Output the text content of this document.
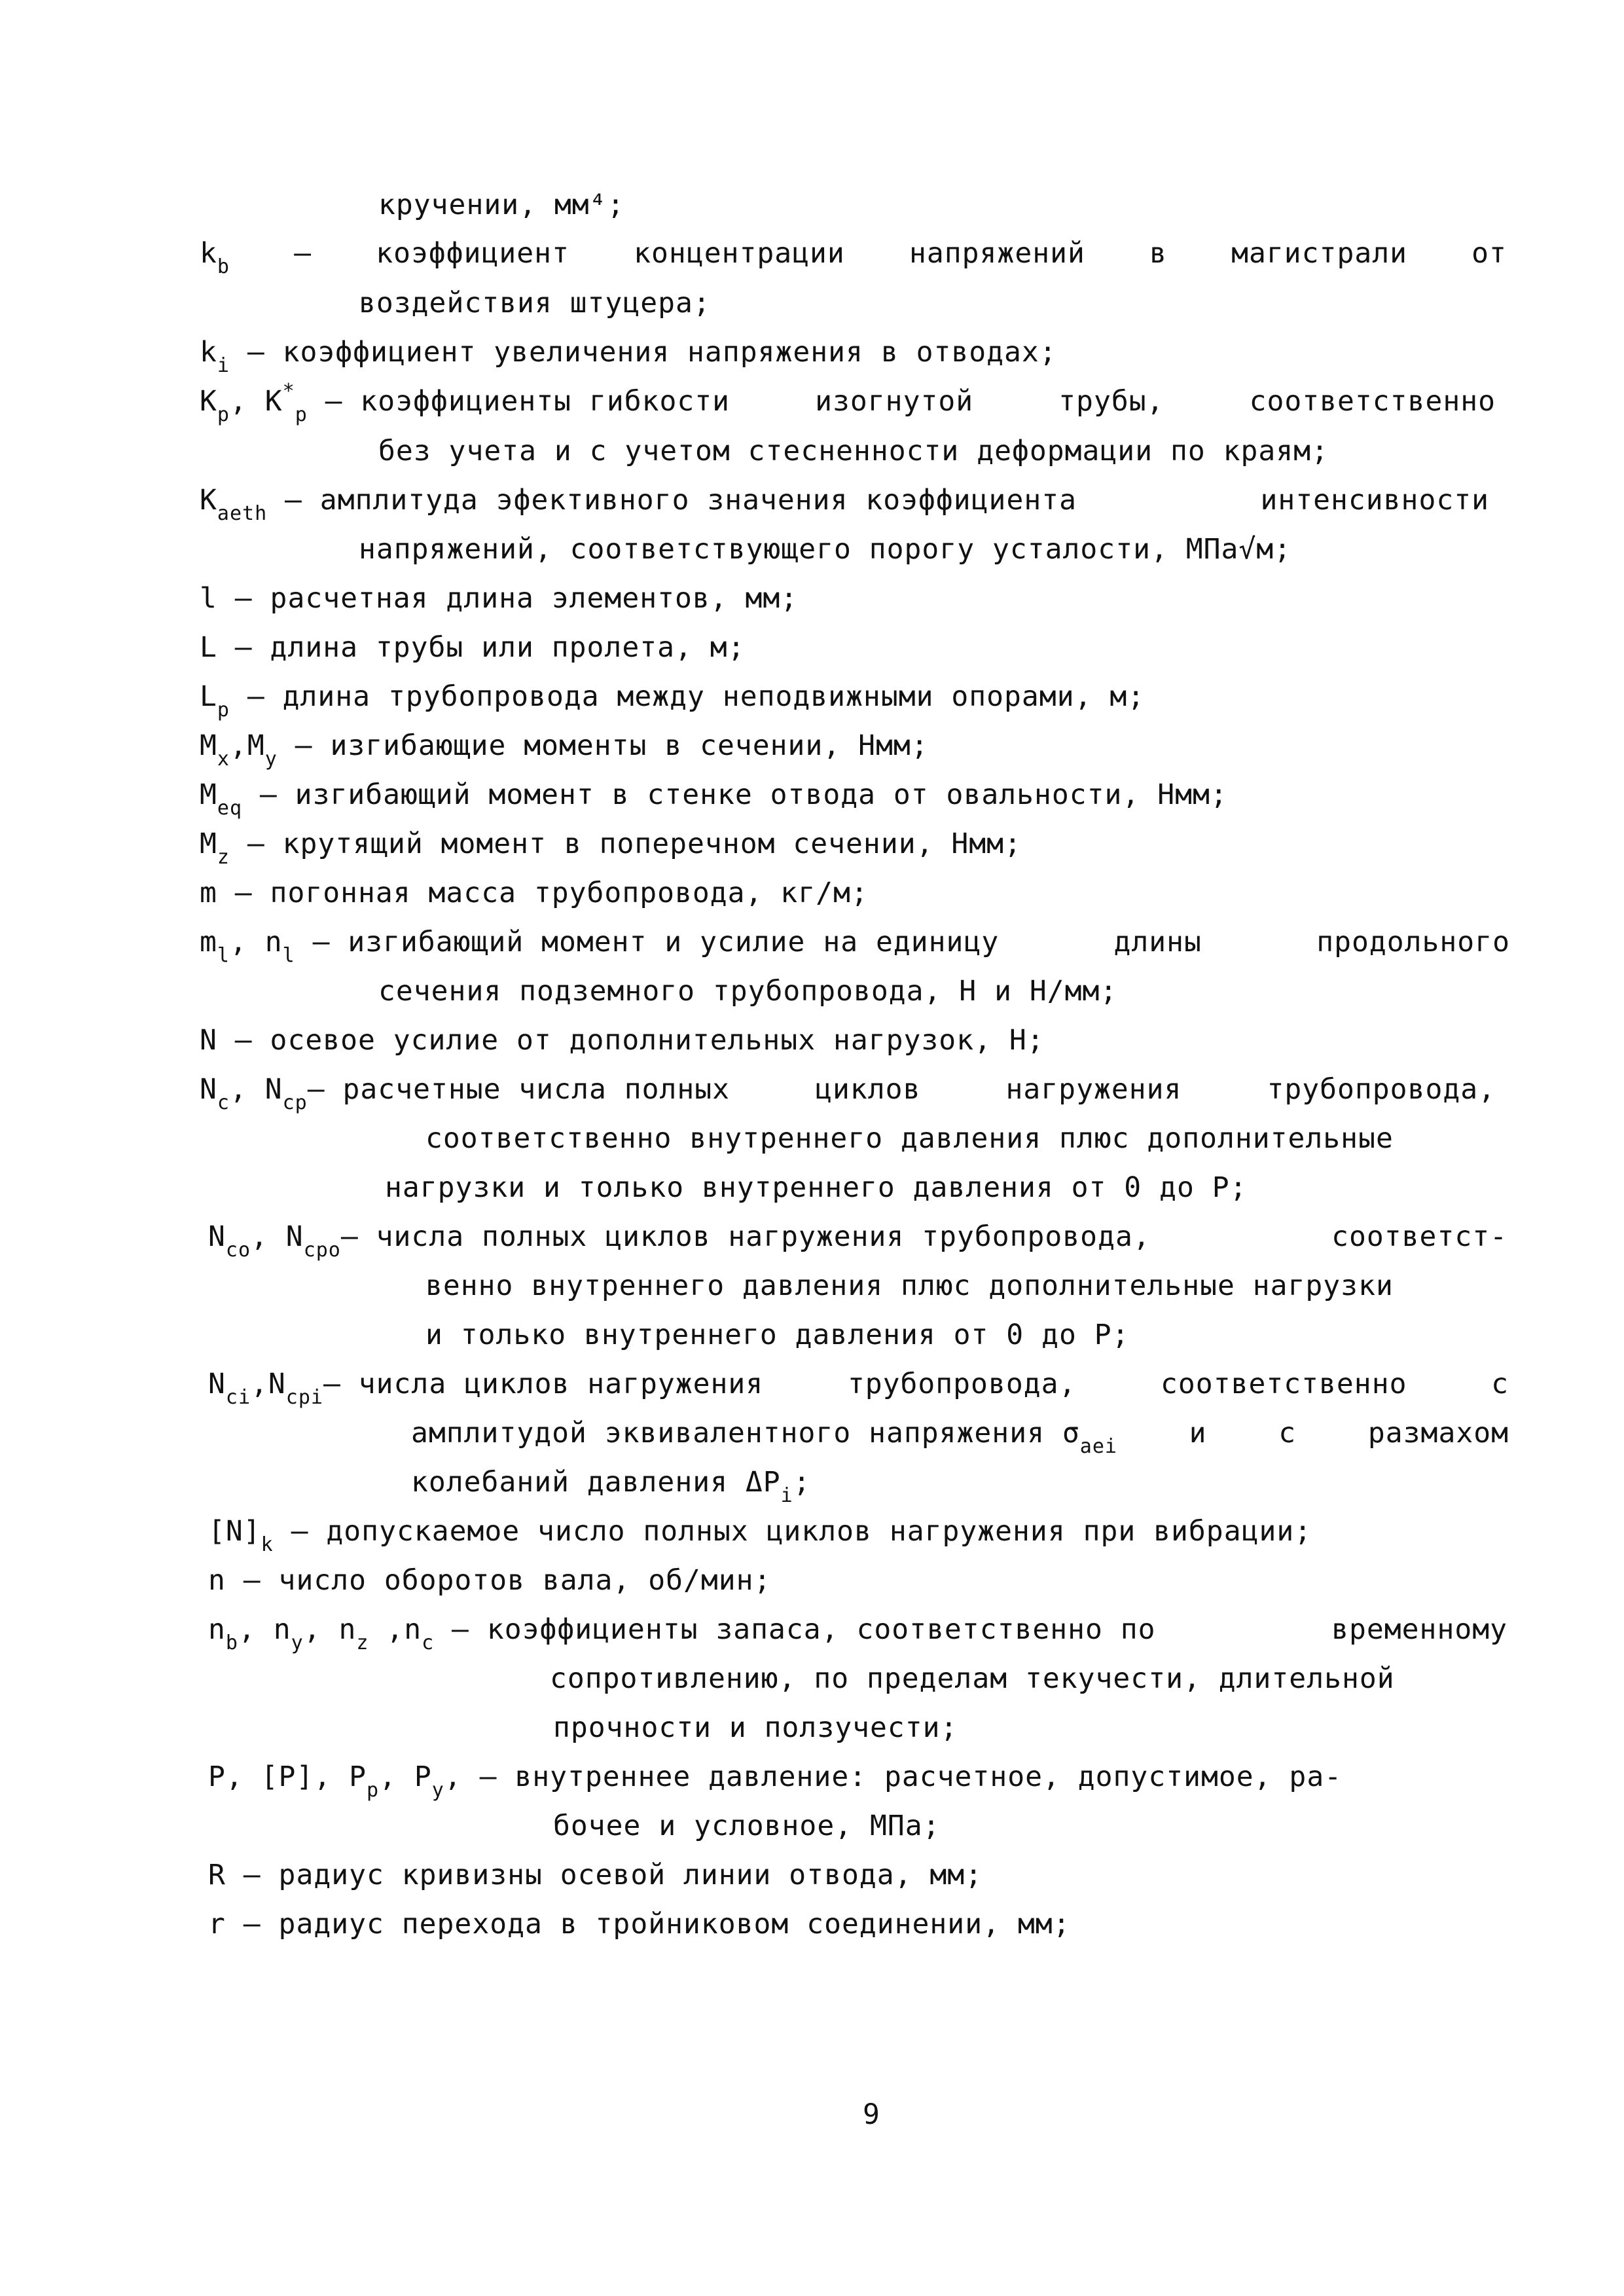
кручении, мм⁴;
$k_b$ – коэффициент концентрации напряжений в магистрали от
воздействия штуцера;
$k_i$ – коэффициент увеличения напряжения в отводах;
$K_p$, $K^*_p$ – коэффициенты гибкости	изогнутой	трубы,	соответственно
без учета и с учетом стесненности деформации по краям;
$K_{aeth}$ – амплитуда эфективного значения коэффициента	интенсивности
напряжений, соответствующего порогу усталости, МПа√м;
l – расчетная длина элементов, мм;
L – длина трубы или пролета, м;
$L_p$ – длина трубопровода между неподвижными опорами, м;
$M_x,M_y$ – изгибающие моменты в сечении, Нмм;
$M_{eq}$ – изгибающий момент в стенке отвода от овальности, Нмм;
$M_z$ – крутящий момент в поперечном сечении, Нмм;
m – погонная масса трубопровода, кг/м;
$m_l$, $n_l$ – изгибающий момент и усилие на единицу	длины	продольного
сечения подземного трубопровода, Н и Н/мм;
N – осевое усилие от дополнительных нагрузок, Н;
$N_c$, $N_{cp}-$ расчетные числа полных	циклов	нагружения	трубопровода,
соответственно внутреннего давления плюс дополнительные
нагрузки и только внутреннего давления от 0 до P;
$N_{co}$, $N_{cpo}-$ числа полных циклов нагружения трубопровода,	соответст-
венно внутреннего давления плюс дополнительные нагрузки
и только внутреннего давления от 0 до P;
$N_{ci},N_{cpi}-$ числа циклов нагружения	трубопровода,	соответственно	с
амплитудой эквивалентного напряжения $\sigma_{aei}$	и	с	размахом
колебаний давления $\Delta P_i$;
$[N]_k$ – допускаемое число полных циклов нагружения при вибрации;
n – число оборотов вала, об/мин;
$n_b$, $n_y$, $n_z$ $,n_c$ – коэффициенты запаса, соответственно по	временному
сопротивлению, по пределам текучести, длительной
прочности и ползучести;
P, [P], $P_p$, $P_y$, – внутреннее давление: расчетное, допустимое, ра-
бочее и условное, МПа;
R – радиус кривизны осевой линии отвода, мм;
r – радиус перехода в тройниковом соединении, мм;
9
